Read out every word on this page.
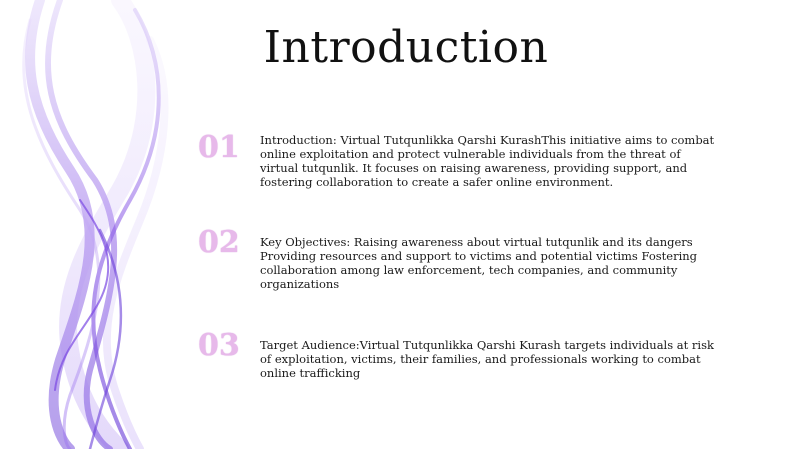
Introduction
01	Introduction: Virtual Tutqunlikka Qarshi KurashThis initiative aims to combat online exploitation and protect vulnerable individuals from the threat of virtual tutqunlik. It focuses on raising awareness, providing support, and fostering collaboration to create a safer online environment.

02	Key Objectives: Raising awareness about virtual tutqunlik and its dangers Providing resources and support to victims and potential victims Fostering collaboration among law enforcement, tech companies, and community organizations

03	Target Audience:Virtual Tutqunlikka Qarshi Kurash targets individuals at risk of exploitation, victims, their families, and professionals working to combat online trafficking
